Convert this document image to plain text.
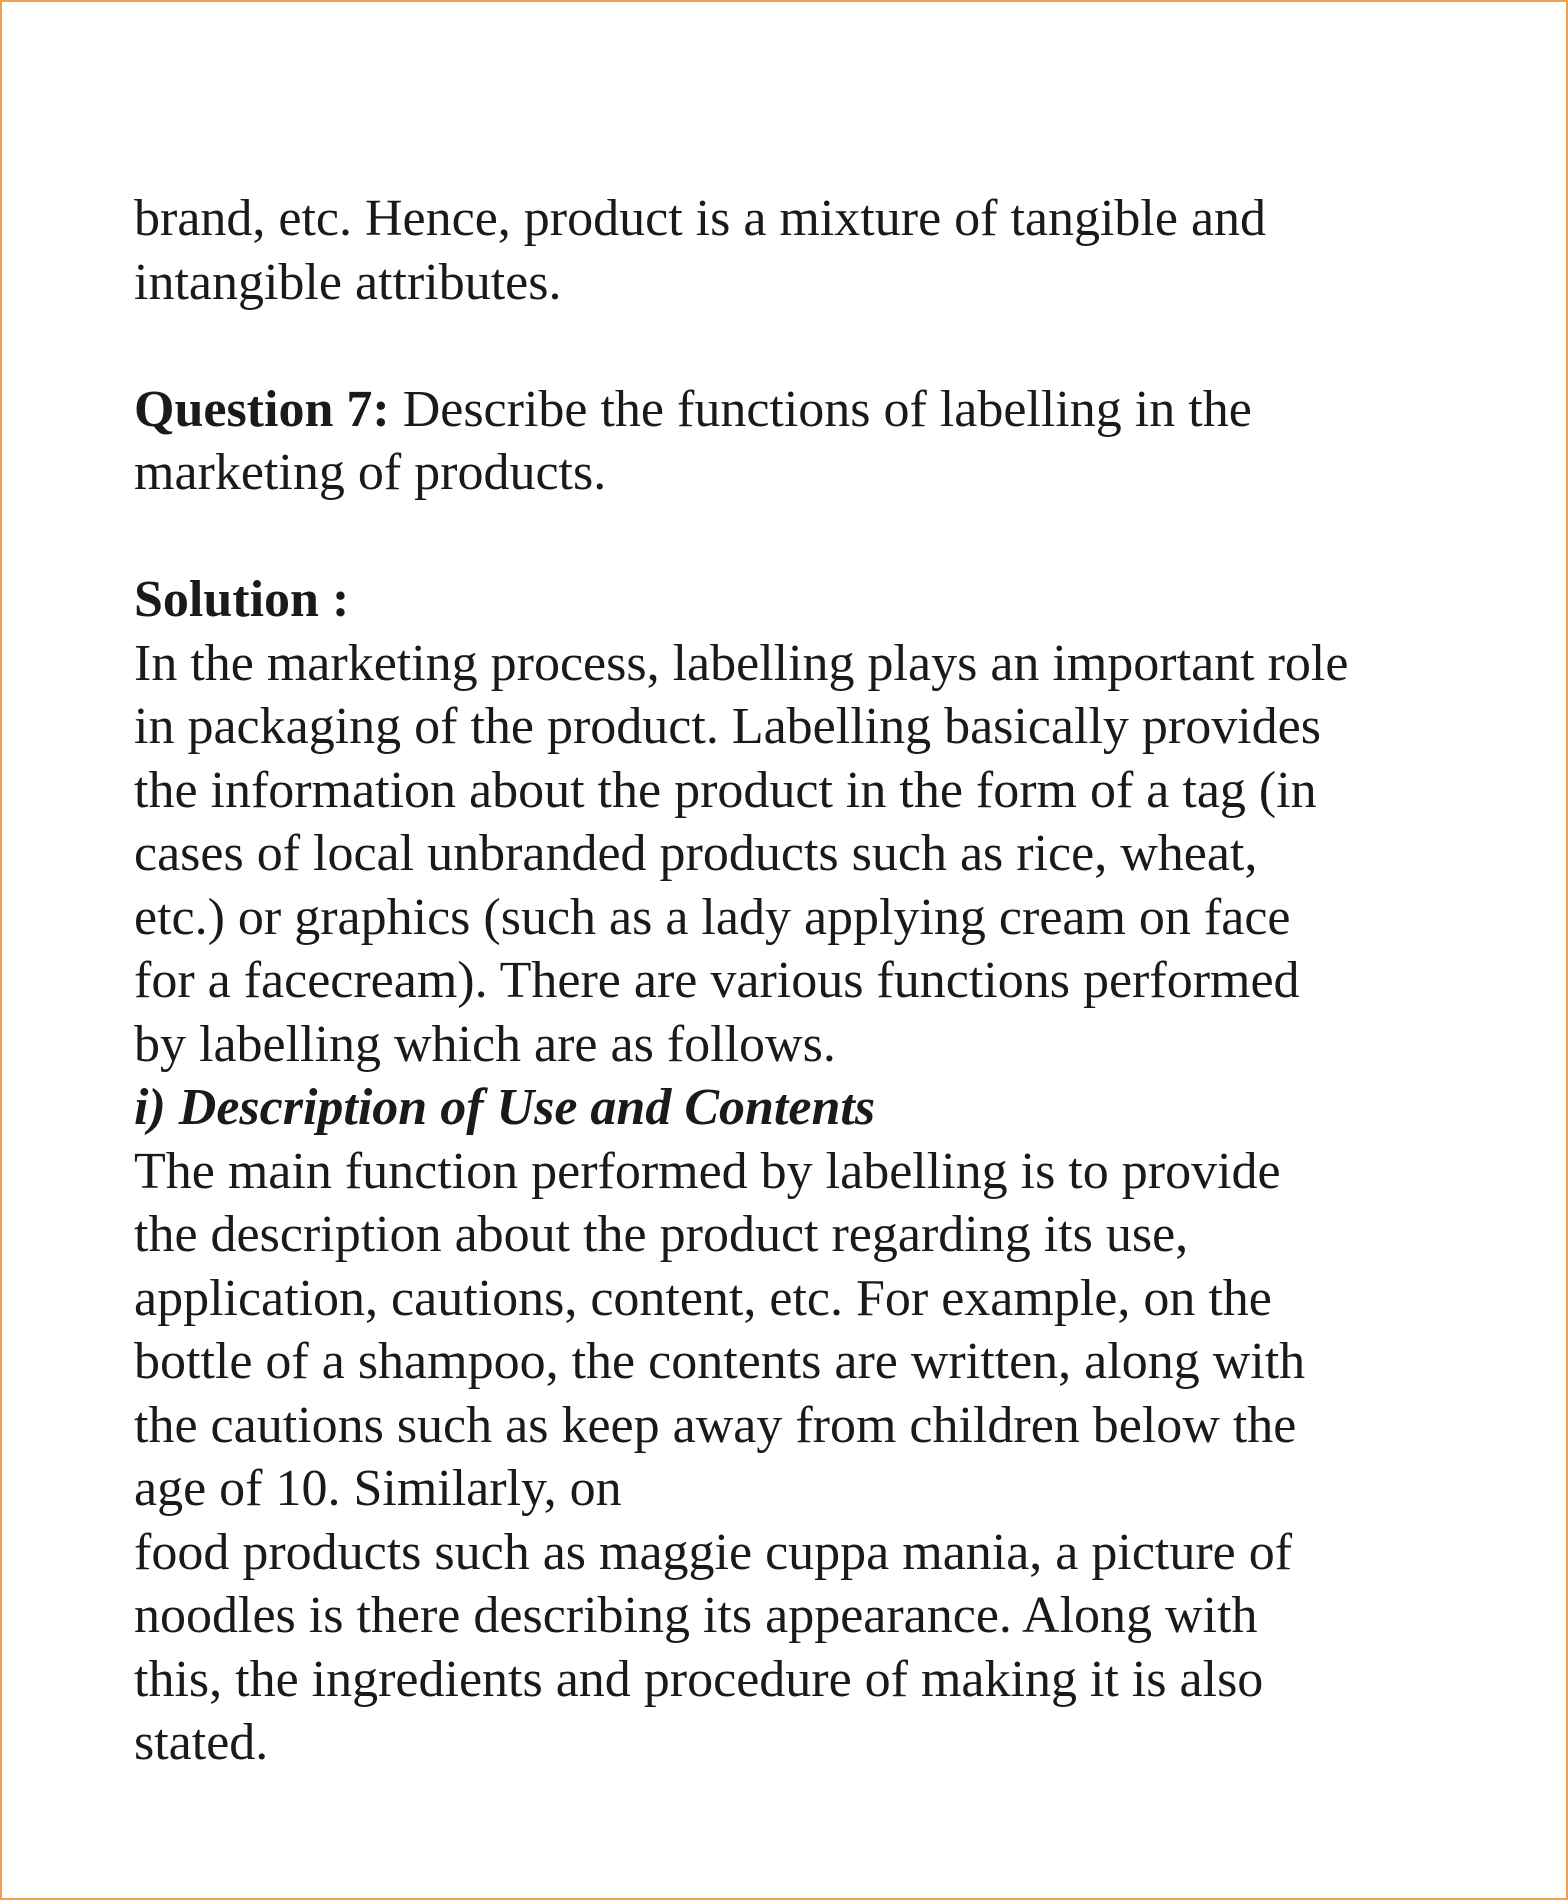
brand, etc. Hence, product is a mixture of tangible and
intangible attributes.
Question 7: Describe the functions of labelling in the
marketing of products.
Solution :
In the marketing process, labelling plays an important role
in packaging of the product. Labelling basically provides
the information about the product in the form of a tag (in
cases of local unbranded products such as rice, wheat,
etc.) or graphics (such as a lady applying cream on face
for a facecream). There are various functions performed
by labelling which are as follows.
i) Description of Use and Contents
The main function performed by labelling is to provide
the description about the product regarding its use,
application, cautions, content, etc. For example, on the
bottle of a shampoo, the contents are written, along with
the cautions such as keep away from children below the
age of 10. Similarly, on
food products such as maggie cuppa mania, a picture of
noodles is there describing its appearance. Along with
this, the ingredients and procedure of making it is also
stated.
